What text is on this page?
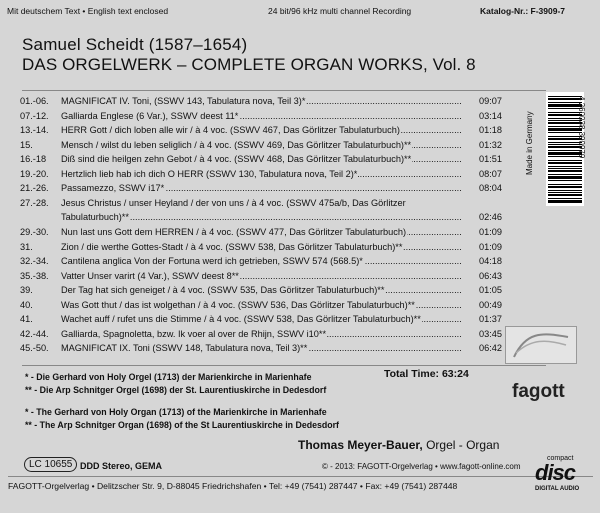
Mit deutschem Text • English text enclosed	24 bit/96 kHz multi channel Recording	Katalog-Nr.: F-3909-7
Samuel Scheidt (1587–1654)
DAS ORGELWERK – COMPLETE ORGAN WORKS, Vol. 8
01.-06. MAGNIFICAT IV. Toni, (SSWV 143, Tabulatura nova, Teil 3)* .....	09:07
07.-12. Galliarda Englese (6 Var.), SSWV deest 11* .....	03:14
13.-14. HERR Gott / dich loben alle wir / à 4 voc. (SSWV 467, Das Görlitzer Tabulaturbuch) .....	01:18
15.	Mensch / wilst du leben seliglich / à 4 voc. (SSWV 469, Das Görlitzer Tabulaturbuch)** .....	01:32
16.-18 Diß sind die heilgen zehn Gebot / à 4 voc. (SSWV 468, Das Görlitzer Tabulaturbuch)** .....	01:51
19.-20. Hertzlich lieb hab ich dich O HERR (SSWV 130, Tabulatura nova, Teil 2)* .....	08:07
21.-26. Passamezzo, SSWV i17* .....	08:04
27.-28. Jesus Christus / unser Heyland / der von uns / à 4 voc. (SSWV 475a/b, Das Görlitzer
Tabulaturbuch)** .....	02:46
29.-30. Nun last uns Gott dem HERREN / à 4 voc. (SSWV 477, Das Görlitzer Tabulaturbuch) .....	01:09
31.	Zion / die werthe Gottes-Stadt / à 4 voc. (SSWV 538, Das Görlitzer Tabulaturbuch)** .....	01:09
32.-34. Cantilena anglica Von der Fortuna werd ich getrieben, SSWV 574 (568.5)* .....	04:18
35.-38. Vatter Unser varirt (4 Var.), SSWV deest 8** .....	06:43
39.	Der Tag hat sich geneiget / à 4 voc. (SSWV 535, Das Görlitzer Tabulaturbuch)** .....	01:05
40.	Was Gott thut / das ist wolgethan / à 4 voc. (SSWV 536, Das Görlitzer Tabulaturbuch)** .....	00:49
41.	Wachet auff / rufet uns die Stimme / à 4 voc. (SSWV 538, Das Görlitzer Tabulaturbuch)** .....	01:37
42.-44. Galliarda, Spagnoletta, bzw. Ik voer al over de Rhijn, SSWV i10** .....	03:45
45.-50. MAGNIFICAT IX. Toni (SSWV 148, Tabulatura nova, Teil 3)** .....	06:42
Total Time: 63:24
* - Die Gerhard von Holy Orgel (1713) der Marienkirche in Marienhafe
** - Die Arp Schnitger Orgel (1698) der St. Laurentiuskirche in Dedesdorf
* - The Gerhard von Holy Organ (1713) of the Marienkirche in Marienhafe
** - The Arp Schnitger Organ (1698) of the St Laurentiuskirche in Dedesdorf
Thomas Meyer-Bauer, Orgel - Organ
Made in Germany	4 260038 390979
fagott
LC 10655 DDD Stereo, GEMA	© - 2013: FAGOTT-Orgelverlag • www.fagott-online.com
FAGOTT-Orgelverlag • Delitzscher Str. 9, D-88045 Friedrichshafen • Tel: +49 (7541) 287447 • Fax: +49 (7541) 287448
compact
disc
DIGITAL AUDIO
